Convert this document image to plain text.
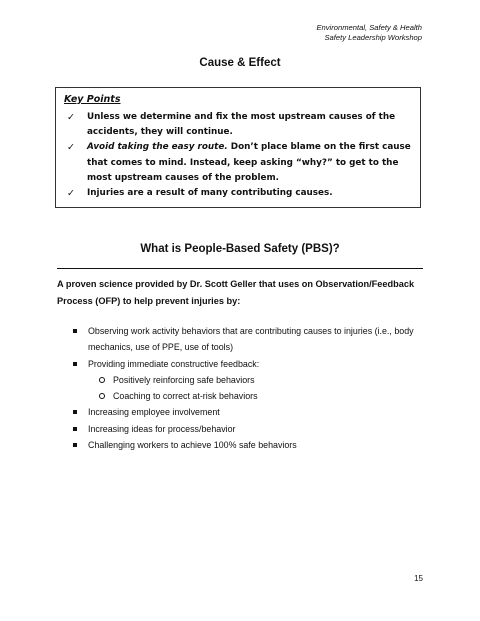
Environmental, Safety & Health
Safety Leadership Workshop
Cause & Effect
Key Points
✓ Unless we determine and fix the most upstream causes of the accidents, they will continue.
✓ Avoid taking the easy route. Don’t place blame on the first cause that comes to mind. Instead, keep asking “why?” to get to the most upstream causes of the problem.
✓ Injuries are a result of many contributing causes.
What is People-Based Safety (PBS)?
A proven science provided by Dr. Scott Geller that uses on Observation/Feedback Process (OFP) to help prevent injuries by:
Observing work activity behaviors that are contributing causes to injuries (i.e., body mechanics, use of PPE, use of tools)
Providing immediate constructive feedback:
Positively reinforcing safe behaviors
Coaching to correct at-risk behaviors
Increasing employee involvement
Increasing ideas for process/behavior
Challenging workers to achieve 100% safe behaviors
15
